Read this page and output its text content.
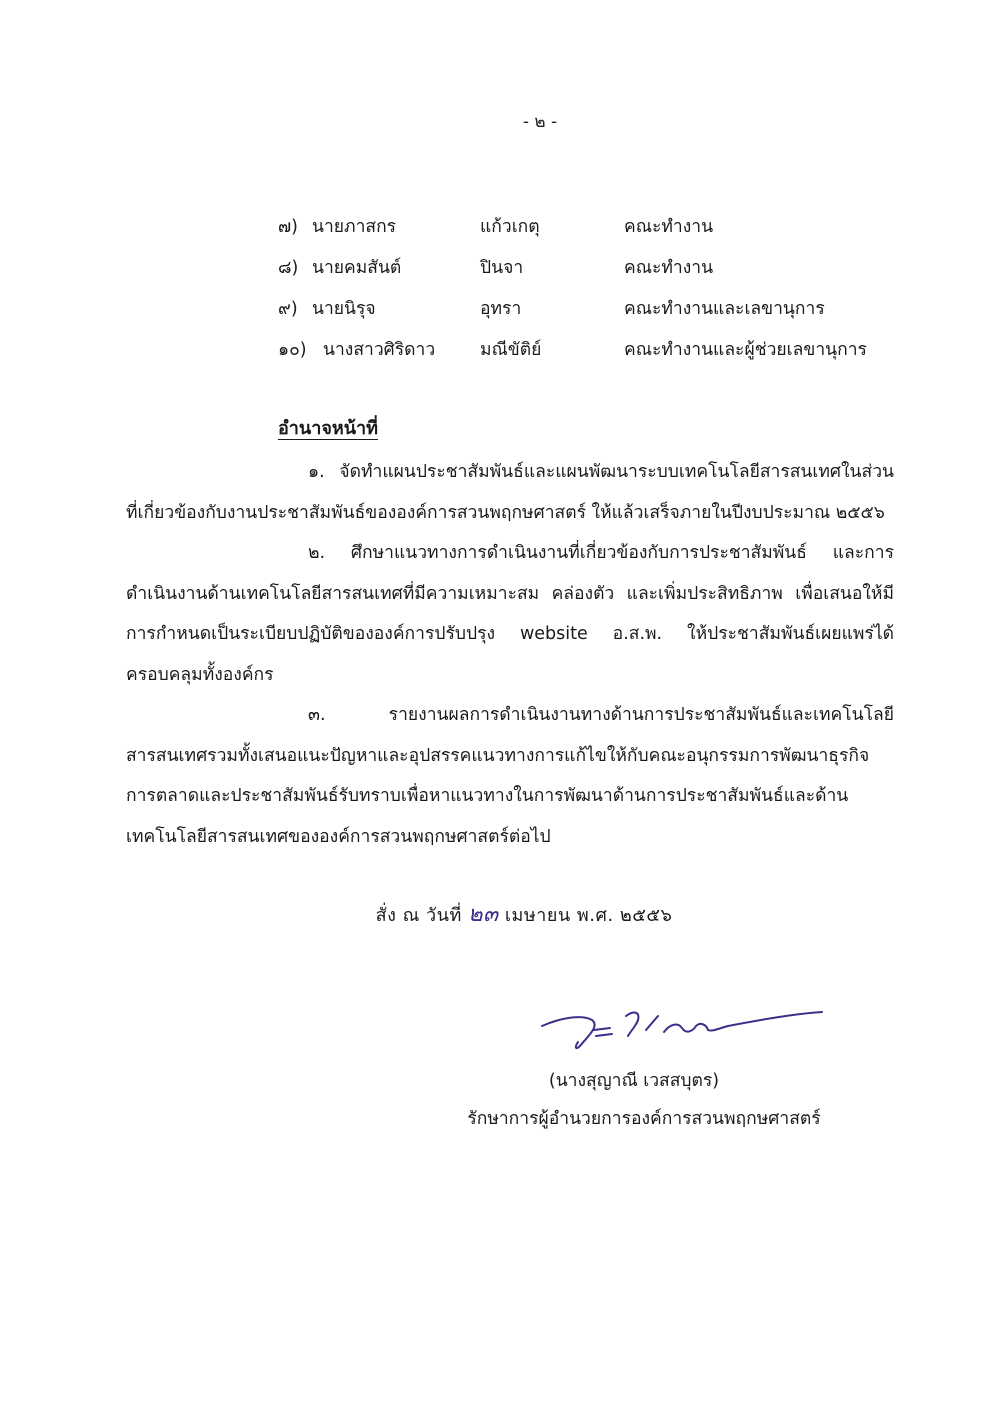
- ๒ -
๗) นายภาสกร	แก้วเกตุ	คณะทำงาน
๘) นายคมสันต์	ปินจา	คณะทำงาน
๙) นายนิรุจ	อุทรา	คณะทำงานและเลขานุการ
๑๐) นางสาวศิริดาว	มณีขัติย์	คณะทำงานและผู้ช่วยเลขานุการ
อำนาจหน้าที่

๑. จัดทำแผนประชาสัมพันธ์และแผนพัฒนาระบบเทคโนโลยีสารสนเทศในส่วนที่เกี่ยวข้องกับงานประชาสัมพันธ์ขององค์การสวนพฤกษศาสตร์ ให้แล้วเสร็จภายในปีงบประมาณ ๒๕๕๖

๒. ศึกษาแนวทางการดำเนินงานที่เกี่ยวข้องกับการประชาสัมพันธ์ และการดำเนินงานด้านเทคโนโลยีสารสนเทศที่มีความเหมาะสม คล่องตัว และเพิ่มประสิทธิภาพ เพื่อเสนอให้มีการกำหนดเป็นระเบียบปฏิบัติขององค์การปรับปรุง website อ.ส.พ. ให้ประชาสัมพันธ์เผยแพร่ได้ครอบคลุมทั้งองค์กร

๓. รายงานผลการดำเนินงานทางด้านการประชาสัมพันธ์และเทคโนโลยีสารสนเทศรวมทั้งเสนอแนะปัญหาและอุปสรรคแนวทางการแก้ไขให้กับคณะอนุกรรมการพัฒนาธุรกิจการตลาดและประชาสัมพันธ์รับทราบเพื่อหาแนวทางในการพัฒนาด้านการประชาสัมพันธ์และด้านเทคโนโลยีสารสนเทศขององค์การสวนพฤกษศาสตร์ต่อไป

สั่ง ณ วันที่ ๒๓ เมษายน พ.ศ. ๒๕๕๖
(นางสุญาณี เวสสบุตร)
รักษาการผู้อำนวยการองค์การสวนพฤกษศาสตร์
